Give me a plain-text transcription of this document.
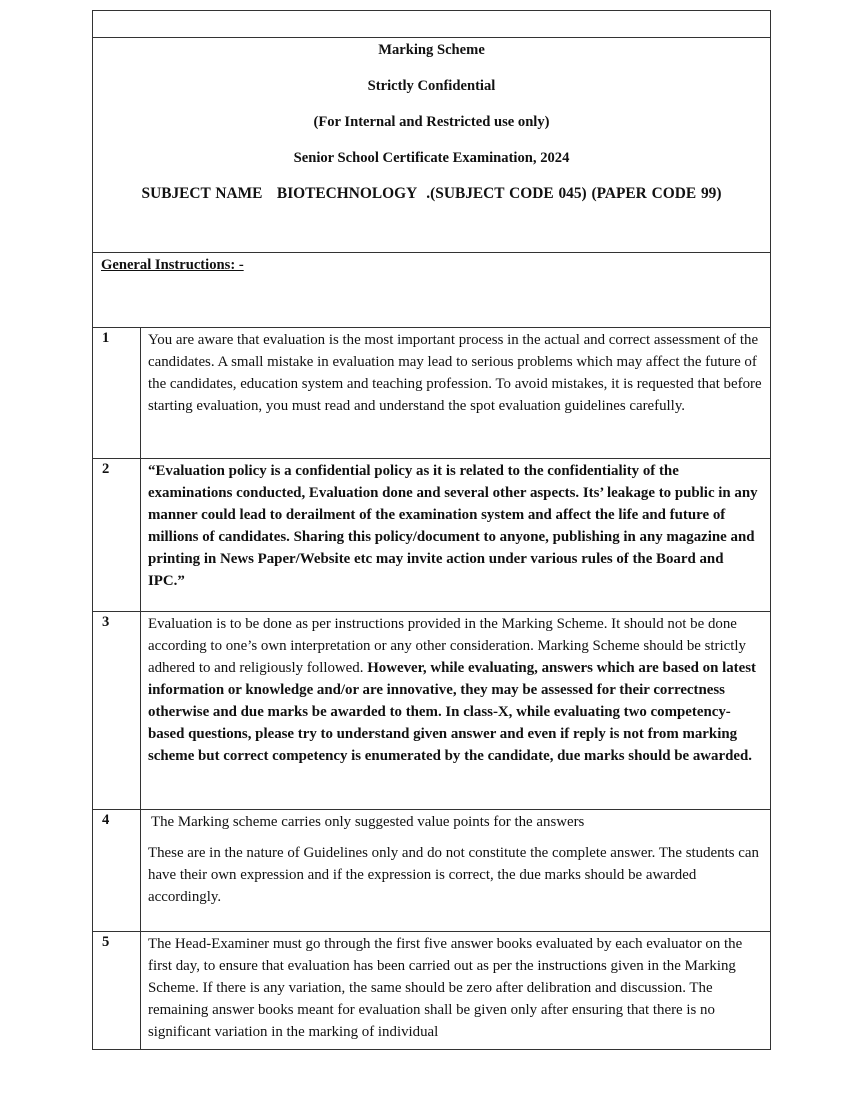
Marking Scheme
Strictly Confidential
(For Internal and Restricted use only)
Senior School Certificate Examination, 2024
SUBJECT NAME   BIOTECHNOLOGY  .(SUBJECT CODE 045) (PAPER CODE 99)	

General Instructions: -	
1	You are aware that evaluation is the most important process in the actual and correct assessment of the candidates. A small mistake in evaluation may lead to serious problems which may affect the future of the candidates, education system and teaching profession. To avoid mistakes, it is requested that before starting evaluation, you must read and understand the spot evaluation guidelines carefully.

2	“Evaluation policy is a confidential policy as it is related to the confidentiality of the examinations conducted, Evaluation done and several other aspects. Its’ leakage to public in any manner could lead to derailment of the examination system and affect the life and future of millions of candidates. Sharing this policy/document to anyone, publishing in any magazine and printing in News Paper/Website etc may invite action under various rules of the Board and IPC.”

3	Evaluation is to be done as per instructions provided in the Marking Scheme. It should not be done according to one’s own interpretation or any other consideration. Marking Scheme should be strictly adhered to and religiously followed. However, while evaluating, answers which are based on latest information or knowledge and/or are innovative, they may be assessed for their correctness otherwise and due marks be awarded to them. In class-X, while evaluating two competency-based questions, please try to understand given answer and even if reply is not from marking scheme but correct competency is enumerated by the candidate, due marks should be awarded.

4	The Marking scheme carries only suggested value points for the answers

These are in the nature of Guidelines only and do not constitute the complete answer. The students can have their own expression and if the expression is correct, the due marks should be awarded accordingly.

5	The Head-Examiner must go through the first five answer books evaluated by each evaluator on the first day, to ensure that evaluation has been carried out as per the instructions given in the Marking Scheme. If there is any variation, the same should be zero after delibration and discussion. The remaining answer books meant for evaluation shall be given only after ensuring that there is no significant variation in the marking of individual
